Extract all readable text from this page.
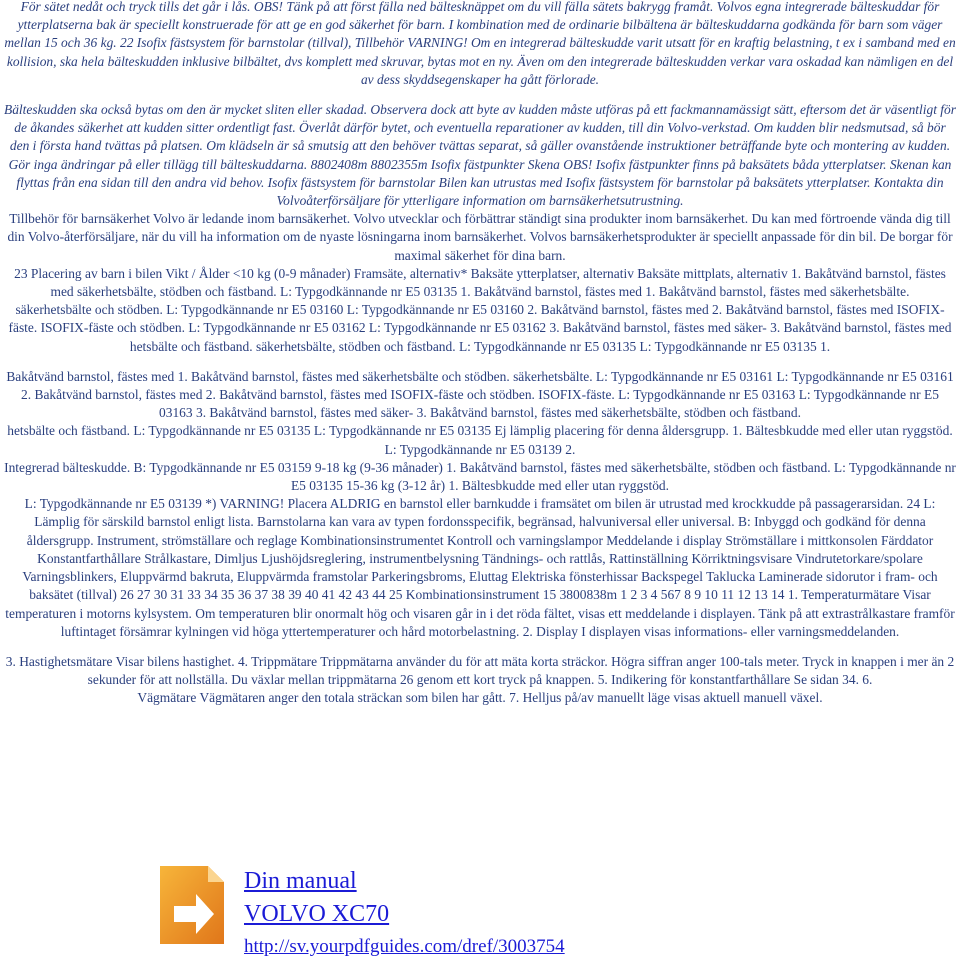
För sätet nedåt och tryck tills det går i lås. OBS! Tänk på att först fälla ned bältesknäppet om du vill fälla sätets bakrygg framåt. Volvos egna integrerade bälteskuddar för ytterplatserna bak är speciellt konstruerade för att ge en god säkerhet för barn. I kombination med de ordinarie bilbältena är bälteskuddarna godkända för barn som väger mellan 15 och 36 kg. 22 Isofix fästsystem för barnstolar (tillval), Tillbehör VARNING! Om en integrerad bälteskudde varit utsatt för en kraftig belastning, t ex i samband med en kollision, ska hela bälteskudden inklusive bilbältet, dvs komplett med skruvar, bytas mot en ny. Även om den integrerade bälteskudden verkar vara oskadad kan nämligen en del av dess skyddsegenskaper ha gått förlorade.

Bälteskudden ska också bytas om den är mycket sliten eller skadad. Observera dock att byte av kudden måste utföras på ett fackmannamässigt sätt, eftersom det är väsentligt för de åkandes säkerhet att kudden sitter ordentligt fast. Överlåt därför bytet, och eventuella reparationer av kudden, till din Volvo-verkstad. Om kudden blir nedsmutsad, så bör den i första hand tvättas på platsen. Om klädseln är så smutsig att den behöver tvättas separat, så gäller ovanstående instruktioner beträffande byte och montering av kudden. Gör inga ändringar på eller tillägg till bälteskuddarna. 8802408m 8802355m Isofix fästpunkter Skena OBS! Isofix fästpunkter finns på baksätets båda ytterplatser. Skenan kan flyttas från ena sidan till den andra vid behov. Isofix fästsystem för barnstolar Bilen kan utrustas med Isofix fästsystem för barnstolar på baksätets ytterplatser. Kontakta din Volvoåterförsäljare för ytterligare information om barnsäkerhetsutrustning.

Tillbehör för barnsäkerhet Volvo är ledande inom barnsäkerhet. Volvo utvecklar och förbättrar ständigt sina produkter inom barnsäkerhet. Du kan med förtroende vända dig till din Volvo-återförsäljare, när du vill ha information om de nyaste lösningarna inom barnsäkerhet. Volvos barnsäkerhetsprodukter är speciellt anpassade för din bil. De borgar för maximal säkerhet för dina barn.

23 Placering av barn i bilen Vikt / Ålder <10 kg (0-9 månader) Framsäte, alternativ* Baksäte ytterplatser, alternativ Baksäte mittplats, alternativ 1. Bakåtvänd barnstol, fästes med säkerhetsbälte, stödben och fästband. L: Typgodkännande nr E5 03135 1. Bakåtvänd barnstol, fästes med 1. Bakåtvänd barnstol, fästes med säkerhetsbälte.

säkerhetsbälte och stödben. L: Typgodkännande nr E5 03160 L: Typgodkännande nr E5 03160 2. Bakåtvänd barnstol, fästes med 2. Bakåtvänd barnstol, fästes med ISOFIX-fäste. ISOFIX-fäste och stödben. L: Typgodkännande nr E5 03162 L: Typgodkännande nr E5 03162 3. Bakåtvänd barnstol, fästes med säker- 3. Bakåtvänd barnstol, fästes med hetsbälte och fästband. säkerhetsbälte, stödben och fästband. L: Typgodkännande nr E5 03135 L: Typgodkännande nr E5 03135 1.

Bakåtvänd barnstol, fästes med 1. Bakåtvänd barnstol, fästes med säkerhetsbälte och stödben. säkerhetsbälte. L: Typgodkännande nr E5 03161 L: Typgodkännande nr E5 03161 2. Bakåtvänd barnstol, fästes med 2. Bakåtvänd barnstol, fästes med ISOFIX-fäste och stödben. ISOFIX-fäste. L: Typgodkännande nr E5 03163 L: Typgodkännande nr E5 03163 3. Bakåtvänd barnstol, fästes med säker- 3. Bakåtvänd barnstol, fästes med säkerhetsbälte, stödben och fästband.

hetsbälte och fästband. L: Typgodkännande nr E5 03135 L: Typgodkännande nr E5 03135 Ej lämplig placering för denna åldersgrupp. 1. Bältesbkudde med eller utan ryggstöd. L: Typgodkännande nr E5 03139 2.

Integrerad bälteskudde. B: Typgodkännande nr E5 03159 9-18 kg (9-36 månader) 1. Bakåtvänd barnstol, fästes med säkerhetsbälte, stödben och fästband. L: Typgodkännande nr E5 03135 15-36 kg (3-12 år) 1. Bältesbkudde med eller utan ryggstöd.

L: Typgodkännande nr E5 03139 *) VARNING! Placera ALDRIG en barnstol eller barnkudde i framsätet om bilen är utrustad med krockkudde på passagerarsidan. 24 L: Lämplig för särskild barnstol enligt lista. Barnstolarna kan vara av typen fordonsspecifik, begränsad, halvuniversal eller universal. B: Inbyggd och godkänd för denna åldersgrupp. Instrument, strömställare och reglage Kombinationsinstrumentet Kontroll och varningslampor Meddelande i display Strömställare i mittkonsolen Färddator Konstantfarthållare Strålkastare, Dimljus Ljushöjdsreglering, instrumentbelysning Tändnings- och rattlås, Rattinställning Körriktningsvisare Vindrutetorkare/spolare Varningsblinkers, Eluppvärmd bakruta, Eluppvärmda framstolar Parkeringsbroms, Eluttag Elektriska fönsterhissar Backspegel Taklucka Laminerade sidorutor i fram- och baksätet (tillval) 26 27 30 31 33 34 35 36 37 38 39 40 41 42 43 44 25 Kombinationsinstrument 15 3800838m 1 2 3 4 567 8 9 10 11 12 13 14 1. Temperaturmätare Visar temperaturen i motorns kylsystem. Om temperaturen blir onormalt hög och visaren går in i det röda fältet, visas ett meddelande i displayen. Tänk på att extrastrålkastare framför luftintaget försämrar kylningen vid höga yttertemperaturer och hård motorbelastning. 2. Display I displayen visas informations- eller varningsmeddelanden.

3. Hastighetsmätare Visar bilens hastighet. 4. Trippmätare Trippmätarna använder du för att mäta korta sträckor. Högra siffran anger 100-tals meter. Tryck in knappen i mer än 2 sekunder för att nollställa. Du växlar mellan trippmätarna 26 genom ett kort tryck på knappen. 5. Indikering för konstantfarthållare Se sidan 34. 6.

Vägmätare Vägmätaren anger den totala sträckan som bilen har gått. 7. Helljus på/av manuellt läge visas aktuell manuell växel.

Din manual
VOLVO XC70
http://sv.yourpdfguides.com/dref/3003754
